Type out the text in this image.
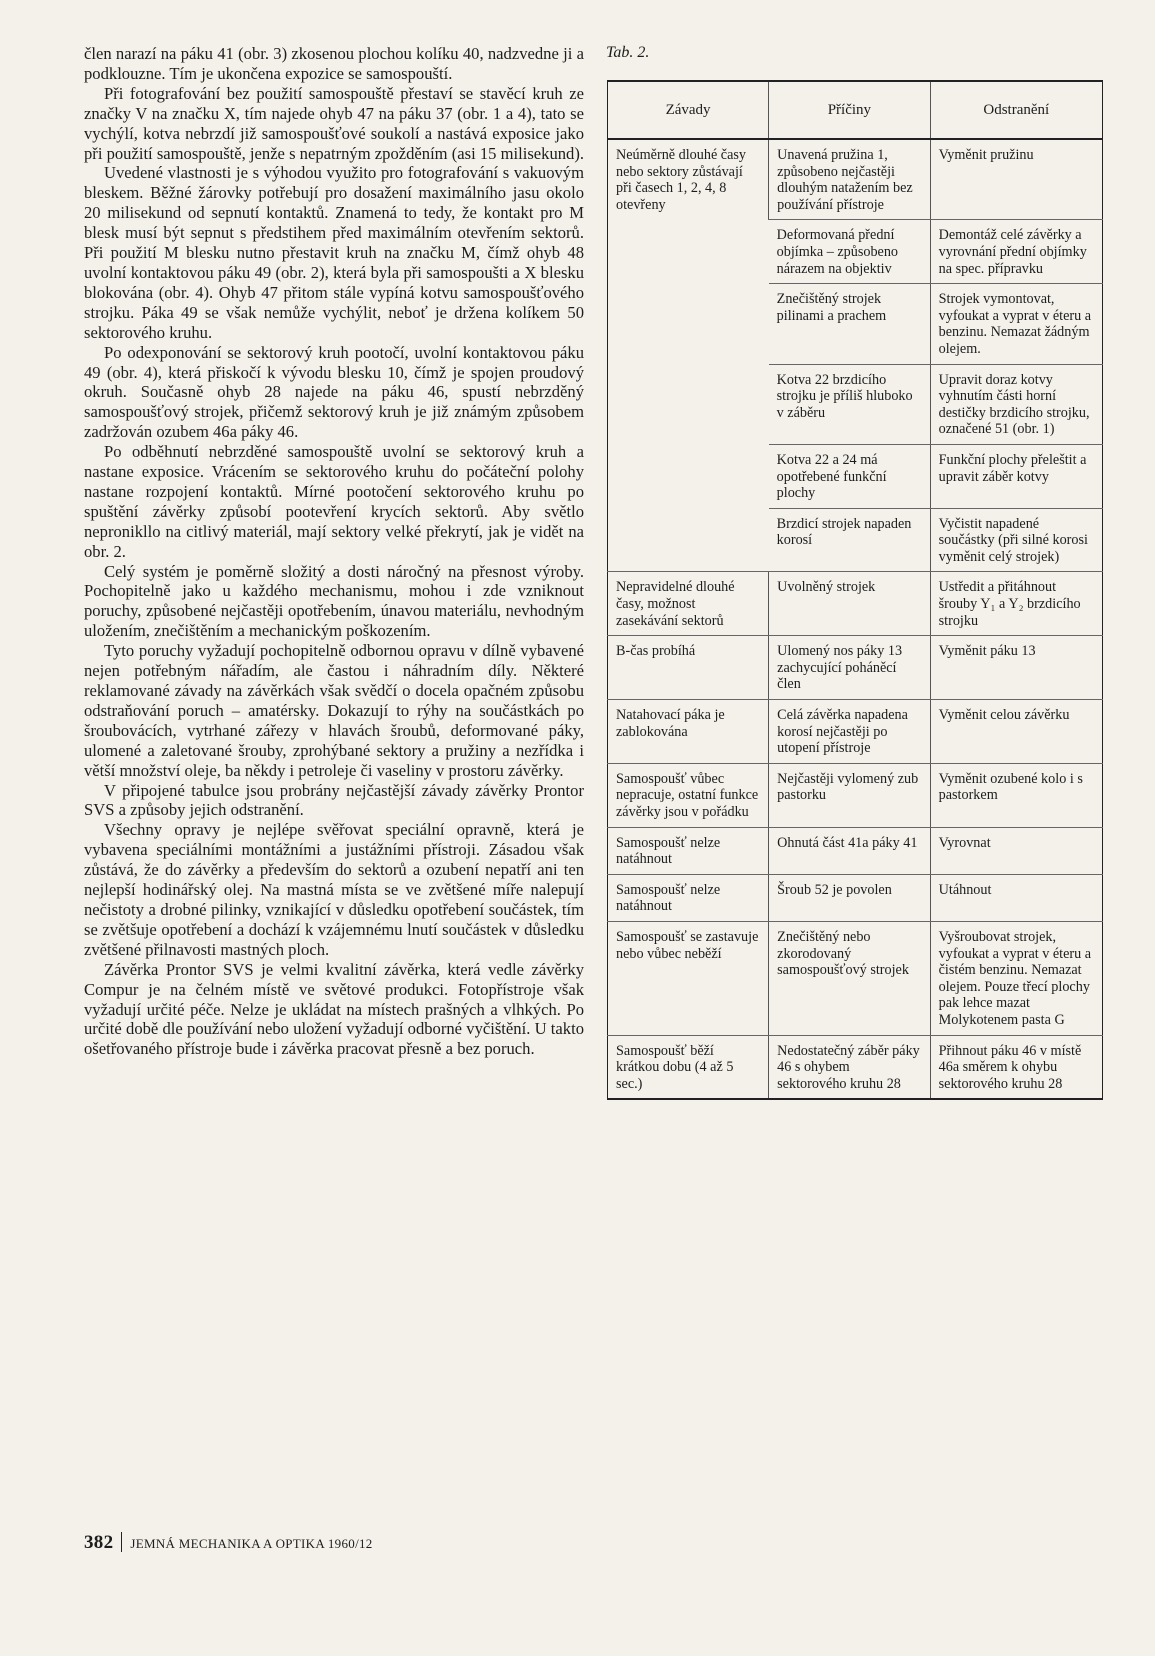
člen narazí na páku 41 (obr. 3) zkosenou plochou kolíku 40, nadzvedne ji a podklouzne. Tím je ukončena expozice se samospouští.

Při fotografování bez použití samospouště přestaví se stavěcí kruh ze značky V na značku X, tím najede ohyb 47 na páku 37 (obr. 1 a 4), tato se vychýlí, kotva nebrzdí již samospoušťové soukolí a nastává exposice jako při použití samospouště, jenže s nepatrným zpožděním (asi 15 milisekund).

Uvedené vlastnosti je s výhodou využito pro fotografování s vakuovým bleskem. Běžné žárovky potřebují pro dosažení maximálního jasu okolo 20 milisekund od sepnutí kontaktů. Znamená to tedy, že kontakt pro M blesk musí být sepnut s předstihem před maximálním otevřením sektorů. Při použití M blesku nutno přestavit kruh na značku M, čímž ohyb 48 uvolní kontaktovou páku 49 (obr. 2), která byla při samospoušti a X blesku blokována (obr. 4). Ohyb 47 přitom stále vypíná kotvu samospoušťového strojku. Páka 49 se však nemůže vychýlit, neboť je držena kolíkem 50 sektorového kruhu.

Po odexponování se sektorový kruh pootočí, uvolní kontaktovou páku 49 (obr. 4), která přiskočí k vývodu blesku 10, čímž je spojen proudový okruh. Současně ohyb 28 najede na páku 46, spustí nebrzděný samospoušťový strojek, přičemž sektorový kruh je již známým způsobem zadržován ozubem 46a páky 46.

Po odběhnutí nebrzděné samospouště uvolní se sektorový kruh a nastane exposice. Vrácením se sektorového kruhu do počáteční polohy nastane rozpojení kontaktů. Mírné pootočení sektorového kruhu po spuštění závěrky způsobí pootevření krycích sektorů. Aby světlo nepronikllo na citlivý materiál, mají sektory velké překrytí, jak je vidět na obr. 2.

Celý systém je poměrně složitý a dosti náročný na přesnost výroby. Pochopitelně jako u každého mechanismu, mohou i zde vzniknout poruchy, způsobené nejčastěji opotřebením, únavou materiálu, nevhodným uložením, znečištěním a mechanickým poškozením.

Tyto poruchy vyžadují pochopitelně odbornou opravu v dílně vybavené nejen potřebným nářadím, ale častou i náhradním díly. Některé reklamované závady na závěrkách však svědčí o docela opačném způsobu odstraňování poruch – amatérsky. Dokazují to rýhy na součástkách po šroubovácích, vytrhané zářezy v hlavách šroubů, deformované páky, ulomené a zaletované šrouby, zprohýbané sektory a pružiny a nezřídka i větší množství oleje, ba někdy i petroleje či vaseliny v prostoru závěrky.

V připojené tabulce jsou probrány nejčastější závady závěrky Prontor SVS a způsoby jejich odstranění.

Všechny opravy je nejlépe svěřovat speciální opravně, která je vybavena speciálními montážními a justážními přístroji. Zásadou však zůstává, že do závěrky a především do sektorů a ozubení nepatří ani ten nejlepší hodinářský olej. Na mastná místa se ve zvětšené míře nalepují nečistoty a drobné pilinky, vznikající v důsledku opotřebení součástek, tím se zvětšuje opotřebení a dochází k vzájemnému lnutí součástek v důsledku zvětšené přilnavosti mastných ploch.

Závěrka Prontor SVS je velmi kvalitní závěrka, která vedle závěrky Compur je na čelném místě ve světové produkci. Fotopřístroje však vyžadují určité péče. Nelze je ukládat na místech prašných a vlhkých. Po určité době dle používání nebo uložení vyžadují odborné vyčištění. U takto ošetřovaného přístroje bude i závěrka pracovat přesně a bez poruch.

Tab. 2.
Závady	Příčiny	Odstranění
Neúměrně dlouhé časy nebo sektory zůstávají při časech 1, 2, 4, 8 otevřeny	Unavená pružina 1, způsobeno nejčastěji dlouhým natažením bez používání přístroje	Vyměnit pružinu
	Deformovaná přední objímka – způsobeno nárazem na objektiv	Demontáž celé závěrky a vyrovnání přední objímky na spec. přípravku
	Znečištěný strojek pilinami a prachem	Strojek vymontovat, vyfoukat a vyprat v éteru a benzinu. Nemazat žádným olejem.
	Kotva 22 brzdicího strojku je příliš hluboko v záběru	Upravit doraz kotvy vyhnutím části horní destičky brzdicího strojku, označené 51 (obr. 1)
	Kotva 22 a 24 má opotřebené funkční plochy	Funkční plochy přeleštit a upravit záběr kotvy
	Brzdicí strojek napaden korosí	Vyčistit napadené součástky (při silné korosi vyměnit celý strojek)
Nepravidelné dlouhé časy, možnost zasekávání sektorů	Uvolněný strojek	Ustředit a přitáhnout šrouby Y₁ a Y₂ brzdicího strojku
B-čas probíhá	Ulomený nos páky 13 zachycující poháněcí člen	Vyměnit páku 13
Natahovací páka je zablokována	Celá závěrka napadena korosí nejčastěji po utopení přístroje	Vyměnit celou závěrku
Samospoušť vůbec nepracuje, ostatní funkce závěrky jsou v pořádku	Nejčastěji vylomený zub pastorku	Vyměnit ozubené kolo i s pastorkem
Samospoušť nelze natáhnout	Ohnutá část 41a páky 41	Vyrovnat
Samospoušť nelze natáhnout	Šroub 52 je povolen	Utáhnout
Samospoušť se zastavuje nebo vůbec neběží	Znečištěný nebo zkorodovaný samospoušťový strojek	Vyšroubovat strojek, vyfoukat a vyprat v éteru a čistém benzinu. Nemazat olejem. Pouze třecí plochy pak lehce mazat Molykotenem pasta G
Samospoušť běží krátkou dobu (4 až 5 sec.)	Nedostatečný záběr páky 46 s ohybem sektorového kruhu 28	Přihnout páku 46 v místě 46a směrem k ohybu sektorového kruhu 28
382 JEMNÁ MECHANIKA A OPTIKA 1960/12
